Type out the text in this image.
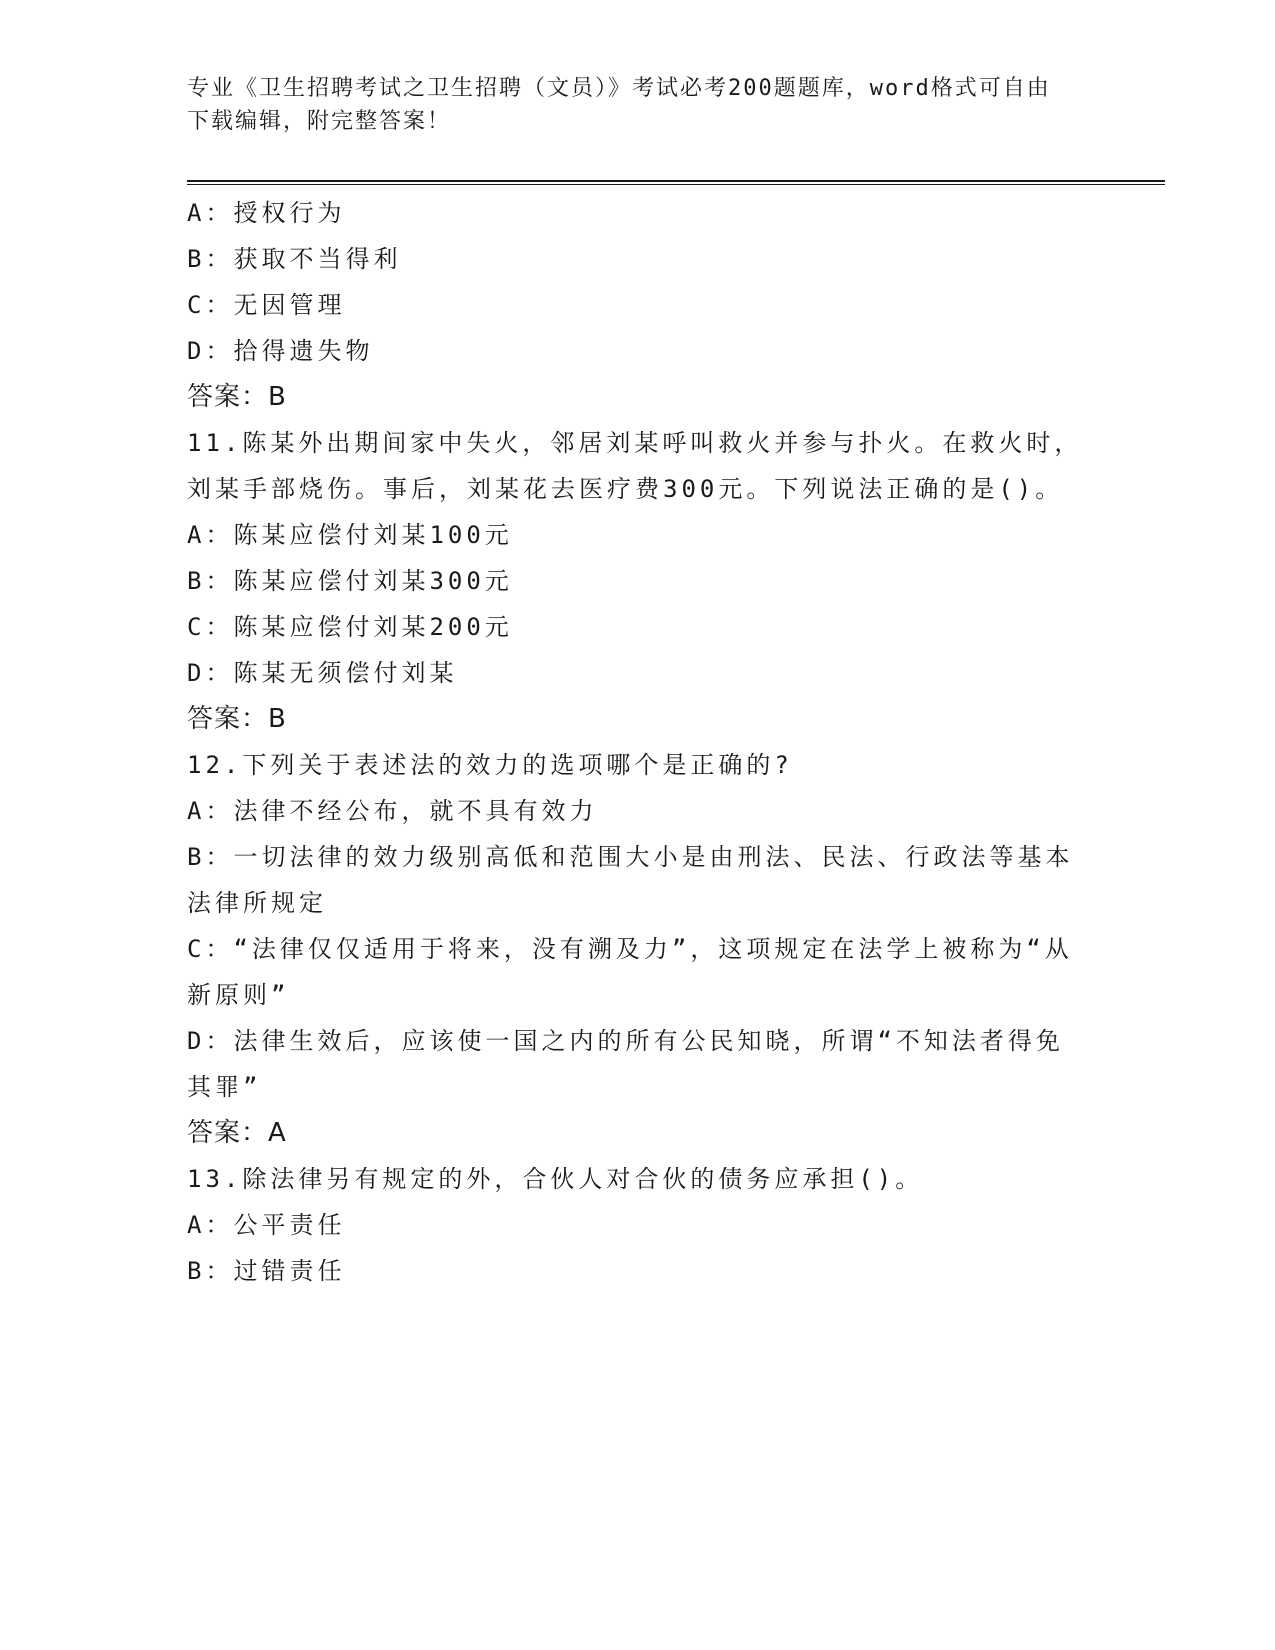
专业《卫生招聘考试之卫生招聘（文员）》考试必考200题题库，word格式可自由下载编辑，附完整答案！

A：授权行为

B：获取不当得利

C：无因管理

D：拾得遗失物

答案：B

11.陈某外出期间家中失火，邻居刘某呼叫救火并参与扑火。在救火时，刘某手部烧伤。事后，刘某花去医疗费300元。下列说法正确的是()。

A：陈某应偿付刘某100元

B：陈某应偿付刘某300元

C：陈某应偿付刘某200元

D：陈某无须偿付刘某

答案：B

12.下列关于表述法的效力的选项哪个是正确的?

A：法律不经公布，就不具有效力

B：一切法律的效力级别高低和范围大小是由刑法、民法、行政法等基本法律所规定

C：“法律仅仅适用于将来，没有溯及力”，这项规定在法学上被称为“从新原则”

D：法律生效后，应该使一国之内的所有公民知晓，所谓“不知法者得免其罪”

答案：A

13.除法律另有规定的外，合伙人对合伙的债务应承担()。

A：公平责任

B：过错责任
